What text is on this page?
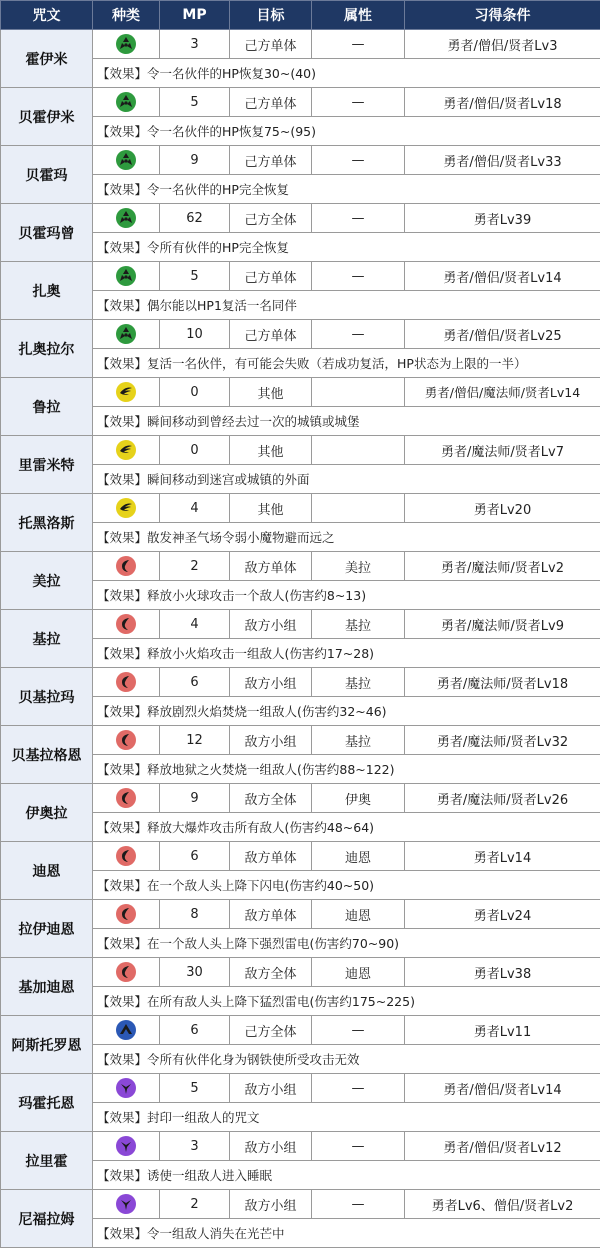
咒文	种类	MP	目标	属性	习得条件
霍伊米		3	己方单体	—	勇者/僧侣/贤者Lv3
	【效果】令一名伙伴的HP恢复30~(40)				
贝霍伊米		5	己方单体	—	勇者/僧侣/贤者Lv18
	【效果】令一名伙伴的HP恢复75~(95)				
贝霍玛		9	己方单体	—	勇者/僧侣/贤者Lv33
	【效果】令一名伙伴的HP完全恢复				
贝霍玛曾		62	己方全体	—	勇者Lv39
	【效果】令所有伙伴的HP完全恢复				
扎奥		5	己方单体	—	勇者/僧侣/贤者Lv14
	【效果】偶尔能以HP1复活一名同伴				
扎奥拉尔		10	己方单体	—	勇者/僧侣/贤者Lv25
	【效果】复活一名伙伴，有可能会失败（若成功复活，HP状态为上限的一半）				
鲁拉		0	其他		勇者/僧侣/魔法师/贤者Lv14
	【效果】瞬间移动到曾经去过一次的城镇或城堡				
里雷米特		0	其他		勇者/魔法师/贤者Lv7
	【效果】瞬间移动到迷宫或城镇的外面				
托黑洛斯		4	其他		勇者Lv20
	【效果】散发神圣气场令弱小魔物避而远之				
美拉		2	敌方单体	美拉	勇者/魔法师/贤者Lv2
	【效果】释放小火球攻击一个敌人(伤害约8~13)				
基拉		4	敌方小组	基拉	勇者/魔法师/贤者Lv9
	【效果】释放小火焰攻击一组敌人(伤害约17~28)				
贝基拉玛		6	敌方小组	基拉	勇者/魔法师/贤者Lv18
	【效果】释放剧烈火焰焚烧一组敌人(伤害约32~46)				
贝基拉格恩		12	敌方小组	基拉	勇者/魔法师/贤者Lv32
	【效果】释放地狱之火焚烧一组敌人(伤害约88~122)				
伊奥拉		9	敌方全体	伊奥	勇者/魔法师/贤者Lv26
	【效果】释放大爆炸攻击所有敌人(伤害约48~64)				
迪恩		6	敌方单体	迪恩	勇者Lv14
	【效果】在一个敌人头上降下闪电(伤害约40~50)				
拉伊迪恩		8	敌方单体	迪恩	勇者Lv24
	【效果】在一个敌人头上降下强烈雷电(伤害约70~90)				
基加迪恩		30	敌方全体	迪恩	勇者Lv38
	【效果】在所有敌人头上降下猛烈雷电(伤害约175~225)				
阿斯托罗恩		6	己方全体	—	勇者Lv11
	【效果】令所有伙伴化身为钢铁使所受攻击无效				
玛霍托恩		5	敌方小组	—	勇者/僧侣/贤者Lv14
	【效果】封印一组敌人的咒文				
拉里霍		3	敌方小组	—	勇者/僧侣/贤者Lv12
	【效果】诱使一组敌人进入睡眠				
尼福拉姆		2	敌方小组	—	勇者Lv6、僧侣/贤者Lv2
	【效果】令一组敌人消失在光芒中				
